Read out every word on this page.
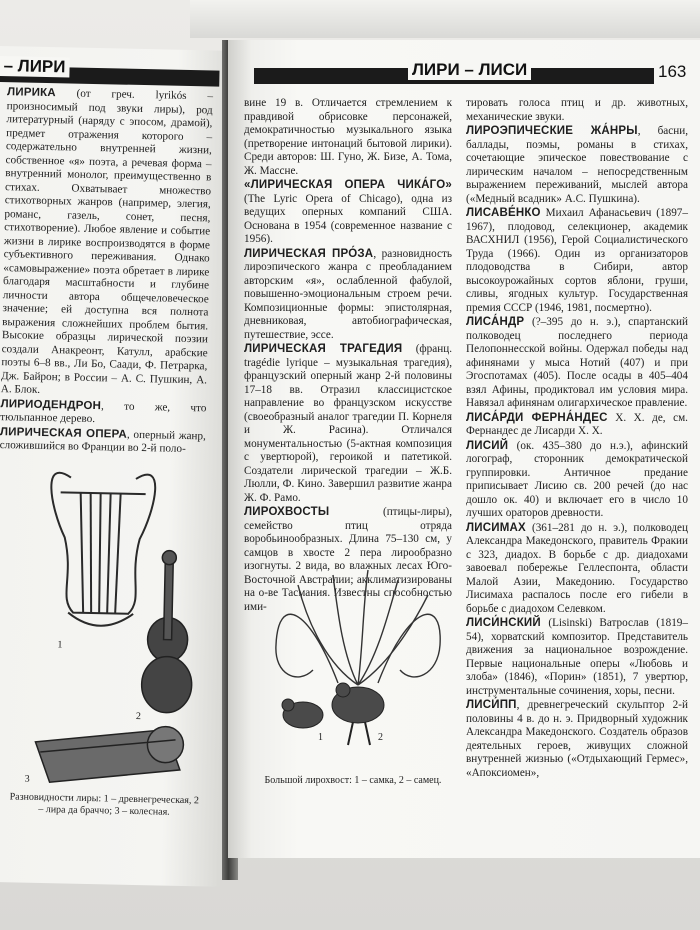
– ЛИРИ

ЛИРИКА (от греч. lyrikós – произносимый под звуки лиры), род литературный (наряду с эпосом, драмой), предмет отражения которого – содержательно внутренней жизни, собственное «я» поэта, а речевая форма – внутренний монолог, преимущественно в стихах. Охватывает множество стихотворных жанров (например, элегия, романс, газель, сонет, песня, стихотворение). Любое явление и событие жизни в лирике воспроизводятся в форме субъективного переживания. Однако «самовыражение» поэта обретает в лирике благодаря масштабности и глубине личности автора общечеловеческое значение; ей доступна вся полнота выражения сложнейших проблем бытия. Высокие образцы лирической поэзии создали Анакреонт, Катулл, арабские поэты 6–8 вв., Ли Бо, Саади, Ф. Петрарка, Дж. Байрон; в России – А. С. Пушкин, А. А. Блок.

ЛИРИОДЕНДРОН, то же, что тюльпанное дерево.

ЛИРИЧЕСКАЯ ОПЕРА, оперный жанр, сложившийся во Франции во 2-й поло-

1
2
3
Разновидности лиры: 1 – древнегреческая, 2 – лира да браччо; 3 – колесная.
ЛИРИ – ЛИСИ	163

вине 19 в. Отличается стремлением к правдивой обрисовке персонажей, демократичностью музыкального языка (претворение интонаций бытовой лирики). Среди авторов: Ш. Гуно, Ж. Бизе, А. Тома, Ж. Массне.

«ЛИРИЧЕСКАЯ ОПЕРА ЧИКА́ГО» (The Lyric Opera of Chicago), одна из ведущих оперных компаний США. Основана в 1954 (современное название с 1956).

ЛИРИЧЕСКАЯ ПРО́ЗА, разновидность лироэпического жанра с преобладанием авторским «я», ослабленной фабулой, повышенно-эмоциональным строем речи. Композиционные формы: эпистолярная, дневниковая, автобиографическая, путешествие, эссе.

ЛИРИЧЕСКАЯ ТРАГЕДИЯ (франц. tragédie lyrique – музыкальная трагедия), французский оперный жанр 2-й половины 17–18 вв. Отразил классицистское направление во французском искусстве (своеобразный аналог трагедии П. Корнеля и Ж. Расина). Отличался монументальностью (5-актная композиция с увертюрой), героикой и патетикой. Создатели лирической трагедии – Ж.Б. Люлли, Ф. Кино. Завершил развитие жанра Ж. Ф. Рамо.

ЛИРОХВОСТЫ (птицы-лиры), семейство птиц отряда воробьинообразных. Длина 75–130 см, у самцов в хвосте 2 пера лирообразно изогнуты. 2 вида, во влажных лесах Юго-Восточной Австралии; акклиматизированы на о-ве Тасмания. Известны способностью ими-

1	2
Большой лирохвост: 1 – самка, 2 – самец.

тировать голоса птиц и др. животных, механические звуки.

ЛИРОЭПИЧЕСКИЕ ЖА́НРЫ, басни, баллады, поэмы, романы в стихах, сочетающие эпическое повествование с лирическим началом – непосредственным выражением переживаний, мыслей автора («Медный всадник» А.С. Пушкина).

ЛИСАВЕ́НКО Михаил Афанасьевич (1897–1967), плодовод, селекционер, академик ВАСХНИЛ (1956), Герой Социалистического Труда (1966). Один из организаторов плодоводства в Сибири, автор высокоурожайных сортов яблони, груши, сливы, ягодных культур. Государственная премия СССР (1946, 1981, посмертно).

ЛИСА́НДР (?–395 до н. э.), спартанский полководец последнего периода Пелопоннесской войны. Одержал победы над афинянами у мыса Нотий (407) и при Эгоспотамах (405). После осады в 405–404 взял Афины, продиктовал им условия мира. Навязал афинянам олигархическое правление.

ЛИСА́РДИ ФЕРНА́НДЕС Х. Х. де, см. Фернандес де Лисарди Х. Х.

ЛИСИЙ (ок. 435–380 до н.э.), афинский логограф, сторонник демократической группировки. Античное предание приписывает Лисию св. 200 речей (до нас дошло ок. 40) и включает его в число 10 лучших ораторов древности.

ЛИСИМАХ (361–281 до н. э.), полководец Александра Македонского, правитель Фракии с 323, диадох. В борьбе с др. диадохами завоевал побережье Геллеспонта, области Малой Азии, Македонию. Государство Лисимаха распалось после его гибели в борьбе с диадохом Селевком.

ЛИСИ́НСКИЙ (Lisinski) Ватрослав (1819–54), хорватский композитор. Представитель движения за национальное возрождение. Первые национальные оперы «Любовь и злоба» (1846), «Порин» (1851), 7 увертюр, инструментальные сочинения, хоры, песни.

ЛИСИ́ПП, древнегреческий скульптор 2-й половины 4 в. до н. э. Придворный художник Александра Македонского. Создатель образов деятельных героев, живущих сложной внутренней жизнью («Отдыхающий Гермес», «Апоксиомен»,
